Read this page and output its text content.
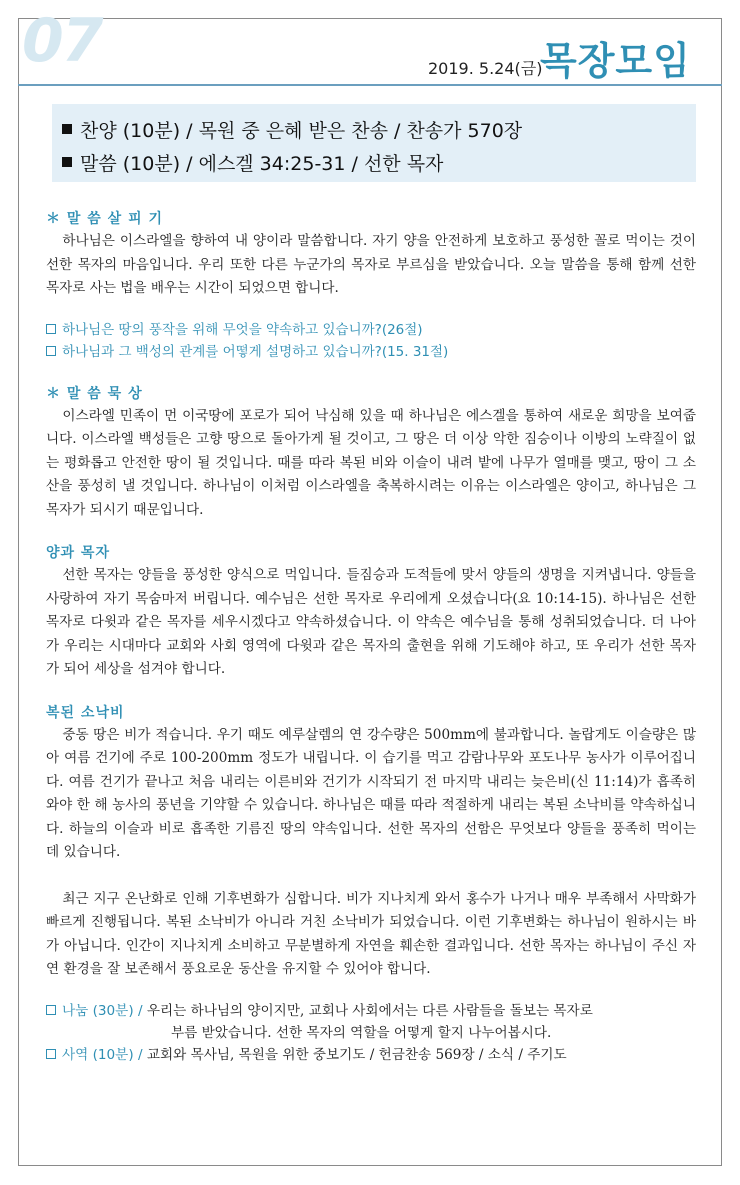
07	2019. 5.24(금)
목장모임
찬양 (10분) / 목원 중 은혜 받은 찬송 / 찬송가 570장
말씀 (10분) / 에스겔 34:25-31 / 선한 목자
＊ 말 씀 살 피 기

하나님은 이스라엘을 향하여 내 양이라 말씀합니다. 자기 양을 안전하게 보호하고 풍성한 꼴로 먹이는 것이 선한 목자의 마음입니다. 우리 또한 다른 누군가의 목자로 부르심을 받았습니다. 오늘 말씀을 통해 함께 선한 목자로 사는 법을 배우는 시간이 되었으면 합니다.

하나님은 땅의 풍작을 위해 무엇을 약속하고 있습니까?(26절)
하나님과 그 백성의 관계를 어떻게 설명하고 있습니까?(15. 31절)
＊ 말 씀 묵 상

이스라엘 민족이 먼 이국땅에 포로가 되어 낙심해 있을 때 하나님은 에스겔을 통하여 새로운 희망을 보여줍니다. 이스라엘 백성들은 고향 땅으로 돌아가게 될 것이고, 그 땅은 더 이상 악한 짐승이나 이방의 노략질이 없는 평화롭고 안전한 땅이 될 것입니다. 때를 따라 복된 비와 이슬이 내려 밭에 나무가 열매를 맺고, 땅이 그 소산을 풍성히 낼 것입니다. 하나님이 이처럼 이스라엘을 축복하시려는 이유는 이스라엘은 양이고, 하나님은 그 목자가 되시기 때문입니다.

양과 목자

선한 목자는 양들을 풍성한 양식으로 먹입니다. 들짐승과 도적들에 맞서 양들의 생명을 지켜냅니다. 양들을 사랑하여 자기 목숨마저 버립니다. 예수님은 선한 목자로 우리에게 오셨습니다(요 10:14-15). 하나님은 선한 목자로 다윗과 같은 목자를 세우시겠다고 약속하셨습니다. 이 약속은 예수님을 통해 성취되었습니다. 더 나아가 우리는 시대마다 교회와 사회 영역에 다윗과 같은 목자의 출현을 위해 기도해야 하고, 또 우리가 선한 목자가 되어 세상을 섬겨야 합니다.

복된 소낙비

중동 땅은 비가 적습니다. 우기 때도 예루살렘의 연 강수량은 500mm에 불과합니다. 놀랍게도 이슬량은 많아 여름 건기에 주로 100-200mm 정도가 내립니다. 이 습기를 먹고 감람나무와 포도나무 농사가 이루어집니다. 여름 건기가 끝나고 처음 내리는 이른비와 건기가 시작되기 전 마지막 내리는 늦은비(신 11:14)가 흡족히 와야 한 해 농사의 풍년을 기약할 수 있습니다. 하나님은 때를 따라 적절하게 내리는 복된 소낙비를 약속하십니다. 하늘의 이슬과 비로 흡족한 기름진 땅의 약속입니다. 선한 목자의 선함은 무엇보다 양들을 풍족히 먹이는 데 있습니다.

최근 지구 온난화로 인해 기후변화가 심합니다. 비가 지나치게 와서 홍수가 나거나 매우 부족해서 사막화가 빠르게 진행됩니다. 복된 소낙비가 아니라 거친 소낙비가 되었습니다. 이런 기후변화는 하나님이 원하시는 바가 아닙니다. 인간이 지나치게 소비하고 무분별하게 자연을 훼손한 결과입니다. 선한 목자는 하나님이 주신 자연 환경을 잘 보존해서 풍요로운 동산을 유지할 수 있어야 합니다.

나눔 (30분) / 우리는 하나님의 양이지만, 교회나 사회에서는 다른 사람들을 돌보는 목자로
부름 받았습니다. 선한 목자의 역할을 어떻게 할지 나누어봅시다.
사역 (10분) / 교회와 목사님, 목원을 위한 중보기도 / 헌금찬송 569장 / 소식 / 주기도
